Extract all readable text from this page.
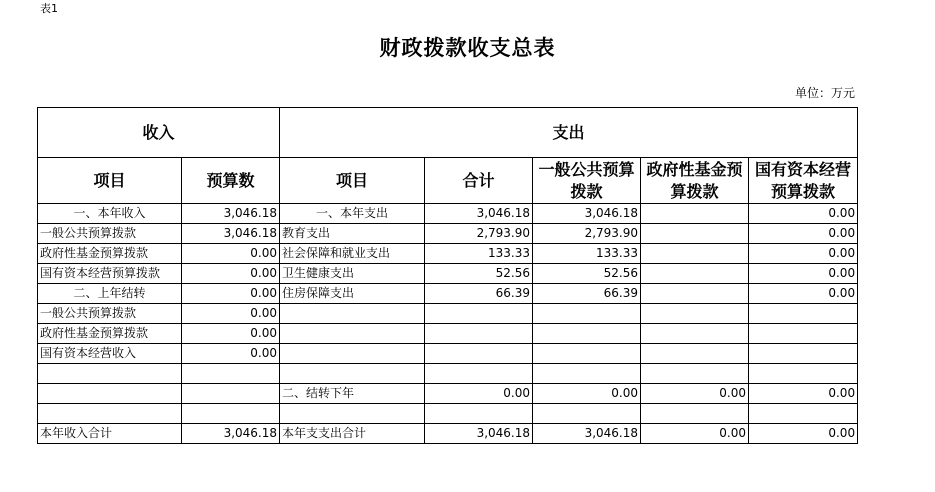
表1
财政拨款收支总表
单位：万元
收入		支出				
项目	预算数	项目	合计	一般公共预算拨款	政府性基金预算拨款	国有资本经营预算拨款
一、本年收入	3,046.18	一、本年支出	3,046.18	3,046.18		0.00
一般公共预算拨款	3,046.18	教育支出	2,793.90	2,793.90		0.00
政府性基金预算拨款	0.00	社会保障和就业支出	133.33	133.33		0.00
国有资本经营预算拨款	0.00	卫生健康支出	52.56	52.56		0.00
二、上年结转	0.00	住房保障支出	66.39	66.39		0.00
一般公共预算拨款	0.00					
政府性基金预算拨款	0.00					
国有资本经营收入	0.00					

		二、结转下年	0.00	0.00	0.00	0.00

本年收入合计	3,046.18	本年支支出合计	3,046.18	3,046.18	0.00	0.00
